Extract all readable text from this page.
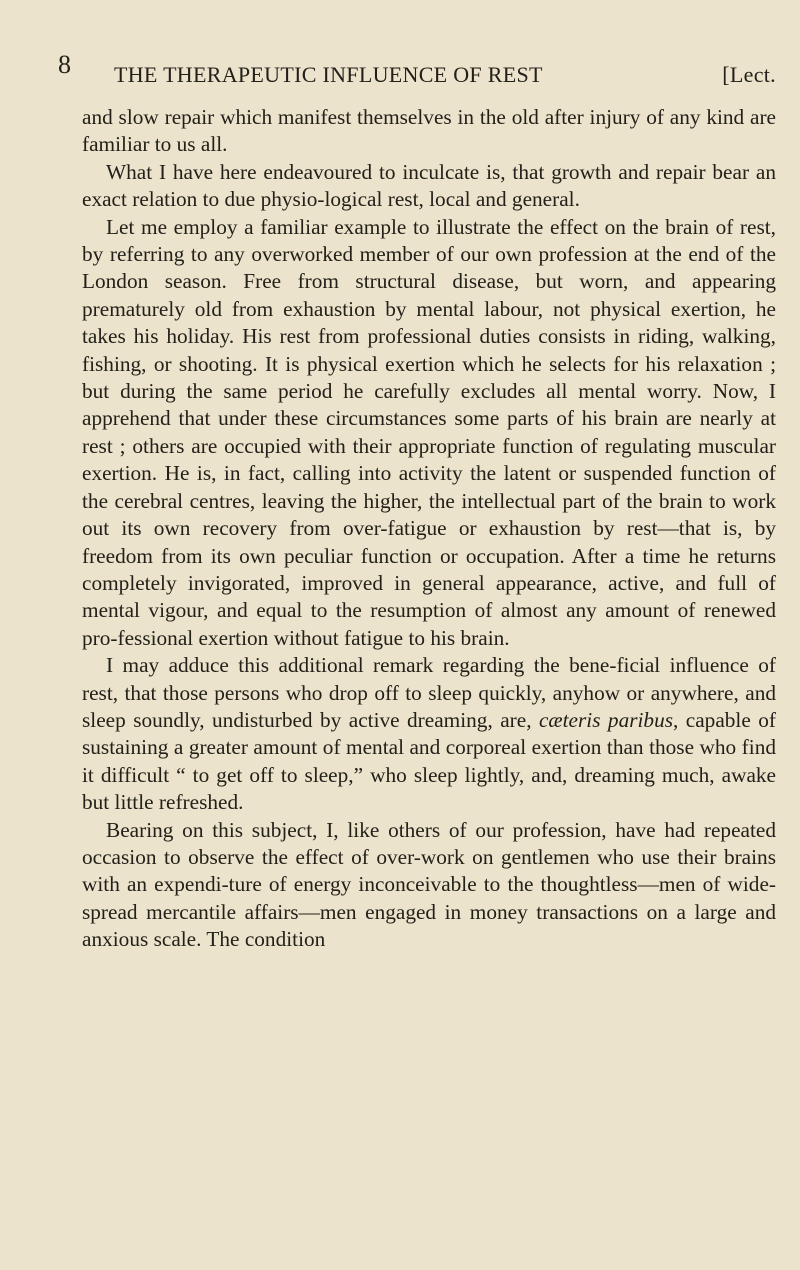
8 THE THERAPEUTIC INFLUENCE OF REST	[Lect.

and slow repair which manifest themselves in the old after injury of any kind are familiar to us all.

What I have here endeavoured to inculcate is, that growth and repair bear an exact relation to due physio-logical rest, local and general.

Let me employ a familiar example to illustrate the effect on the brain of rest, by referring to any overworked member of our own profession at the end of the London season. Free from structural disease, but worn, and appearing prematurely old from exhaustion by mental labour, not physical exertion, he takes his holiday. His rest from professional duties consists in riding, walking, fishing, or shooting. It is physical exertion which he selects for his relaxation ; but during the same period he carefully excludes all mental worry. Now, I apprehend that under these circumstances some parts of his brain are nearly at rest ; others are occupied with their appropriate function of regulating muscular exertion. He is, in fact, calling into activity the latent or suspended function of the cerebral centres, leaving the higher, the intellectual part of the brain to work out its own recovery from over-fatigue or exhaustion by rest—that is, by freedom from its own peculiar function or occupation. After a time he returns completely invigorated, improved in general appearance, active, and full of mental vigour, and equal to the resumption of almost any amount of renewed pro-fessional exertion without fatigue to his brain.

I may adduce this additional remark regarding the bene-ficial influence of rest, that those persons who drop off to sleep quickly, anyhow or anywhere, and sleep soundly, undisturbed by active dreaming, are, cæteris paribus, capable of sustaining a greater amount of mental and corporeal exertion than those who find it difficult “ to get off to sleep,” who sleep lightly, and, dreaming much, awake but little refreshed.

Bearing on this subject, I, like others of our profession, have had repeated occasion to observe the effect of over-work on gentlemen who use their brains with an expendi-ture of energy inconceivable to the thoughtless—men of wide-spread mercantile affairs—men engaged in money transactions on a large and anxious scale. The condition
